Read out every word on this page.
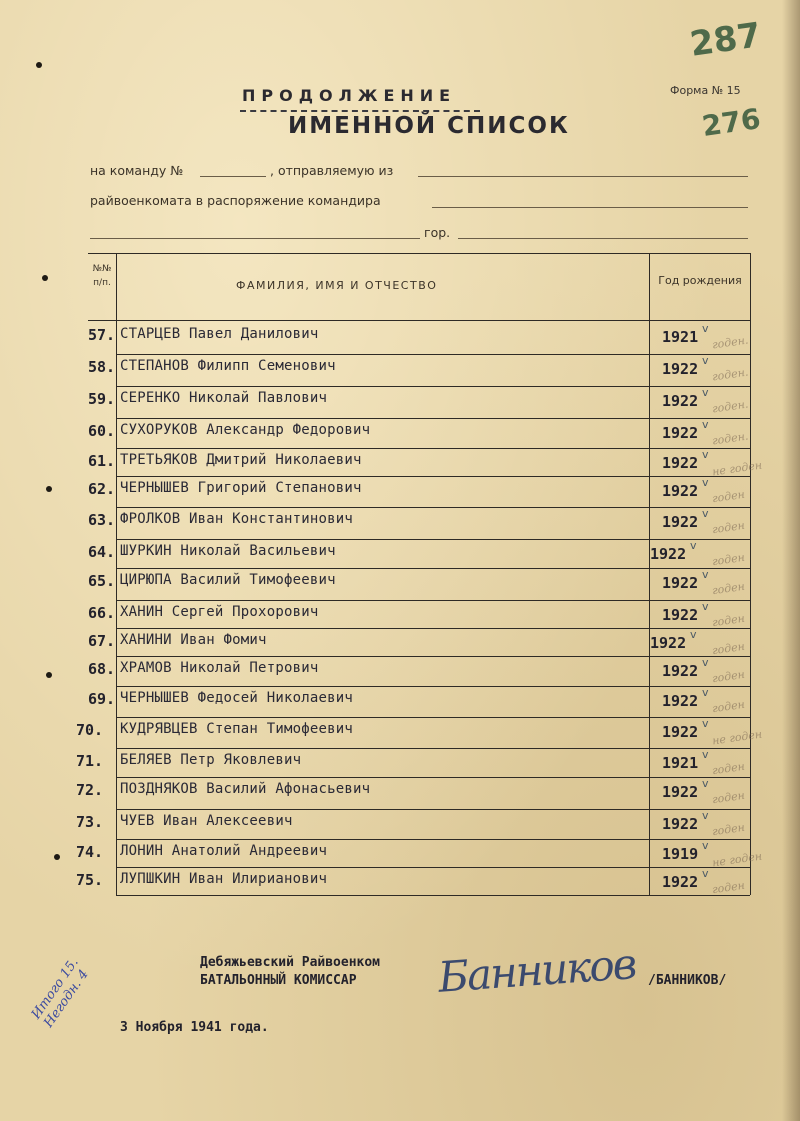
ПРОДОЛЖЕНИЕ
ИМЕННОЙ СПИСОК
Форма № 15
287
276
на команду №	, отправляемую из
райвоенкомата в распоряжение командира
гор.
№№ п/п.	ФАМИЛИЯ, ИМЯ И ОТЧЕСТВО	Год рождения
57. СТАРЦЕВ Павел Данилович	1921 v
годен.
58. СТЕПАНОВ Филипп Семенович	1922 v
годен.
59. СЕРЕНКО Николай Павлович	1922 v
годен.
60. СУХОРУКОВ Александр Федорович	1922 v
годен.
61. ТРЕТЬЯКОВ Дмитрий Николаевич	1922 v
не годен
62. ЧЕРНЫШЕВ Григорий Степанович	1922 v
годен
63. ФРОЛКОВ Иван Константинович	1922 v
годен
64. ШУРКИН Николай Васильевич	1922 v
годен
65. ЦИРЮПА Василий Тимофеевич	1922 v
годен
66. ХАНИН Сергей Прохорович	1922 v
годен
67. ХАНИНИ Иван Фомич	1922 v
годен
68. ХРАМОВ Николай Петрович	1922 v
годен
69. ЧЕРНЫШЕВ Федосей Николаевич	1922 v
годен
70. КУДРЯВЦЕВ Степан Тимофеевич	1922 v
не годен
71. БЕЛЯЕВ Петр Яковлевич	1921 v
годен
72. ПОЗДНЯКОВ Василий Афонасьевич	1922 v
годен
73. ЧУЕВ Иван Алексеевич	1922 v
годен
74. ЛОНИН Анатолий Андреевич	1919 v
не годен
75. ЛУПШКИН Иван Илирианович	1922 v
годен
Дебяжьевский Райвоенком
БАТАЛЬОННЫЙ КОМИССАР Банников /БАННИКОВ/
3 Ноября 1941 года.
Итого 15. Негодн. 4
